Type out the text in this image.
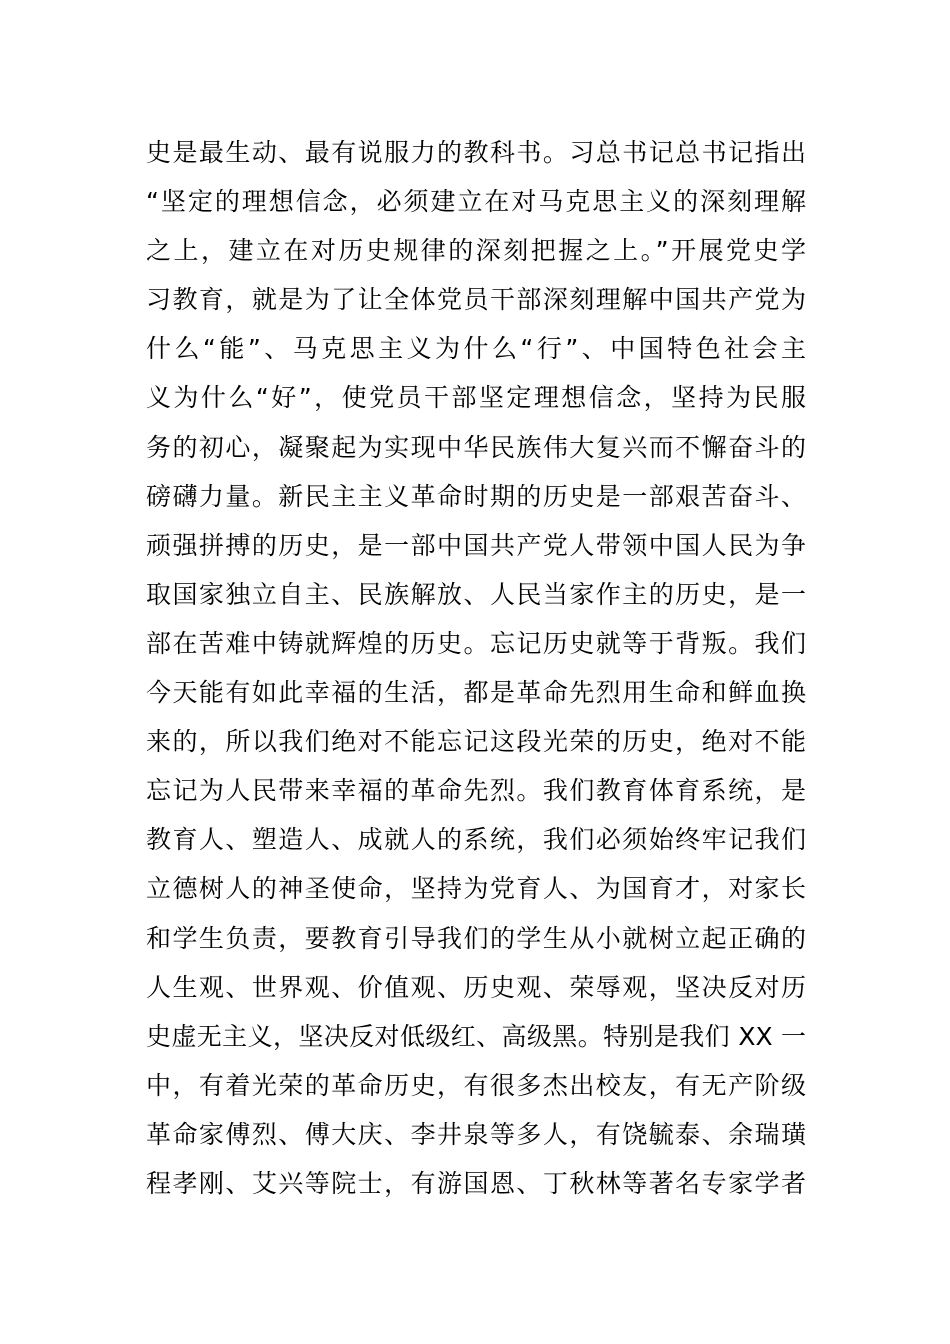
史是最生动、最有说服力的教科书。习总书记总书记指出
“坚定的理想信念，必须建立在对马克思主义的深刻理解
之上，建立在对历史规律的深刻把握之上。”开展党史学
习教育，就是为了让全体党员干部深刻理解中国共产党为
什么“能”、马克思主义为什么“行”、中国特色社会主
义为什么“好”，使党员干部坚定理想信念，坚持为民服
务的初心，凝聚起为实现中华民族伟大复兴而不懈奋斗的
磅礴力量。新民主主义革命时期的历史是一部艰苦奋斗、
顽强拼搏的历史，是一部中国共产党人带领中国人民为争
取国家独立自主、民族解放、人民当家作主的历史，是一
部在苦难中铸就辉煌的历史。忘记历史就等于背叛。我们
今天能有如此幸福的生活，都是革命先烈用生命和鲜血换
来的，所以我们绝对不能忘记这段光荣的历史，绝对不能
忘记为人民带来幸福的革命先烈。我们教育体育系统，是
教育人、塑造人、成就人的系统，我们必须始终牢记我们
立德树人的神圣使命，坚持为党育人、为国育才，对家长
和学生负责，要教育引导我们的学生从小就树立起正确的
人生观、世界观、价值观、历史观、荣辱观，坚决反对历
史虚无主义，坚决反对低级红、高级黑。特别是我们 XX 一
中，有着光荣的革命历史，有很多杰出校友，有无产阶级
革命家傅烈、傅大庆、李井泉等多人，有饶毓泰、余瑞璜
程孝刚、艾兴等院士，有游国恩、丁秋林等著名专家学者
